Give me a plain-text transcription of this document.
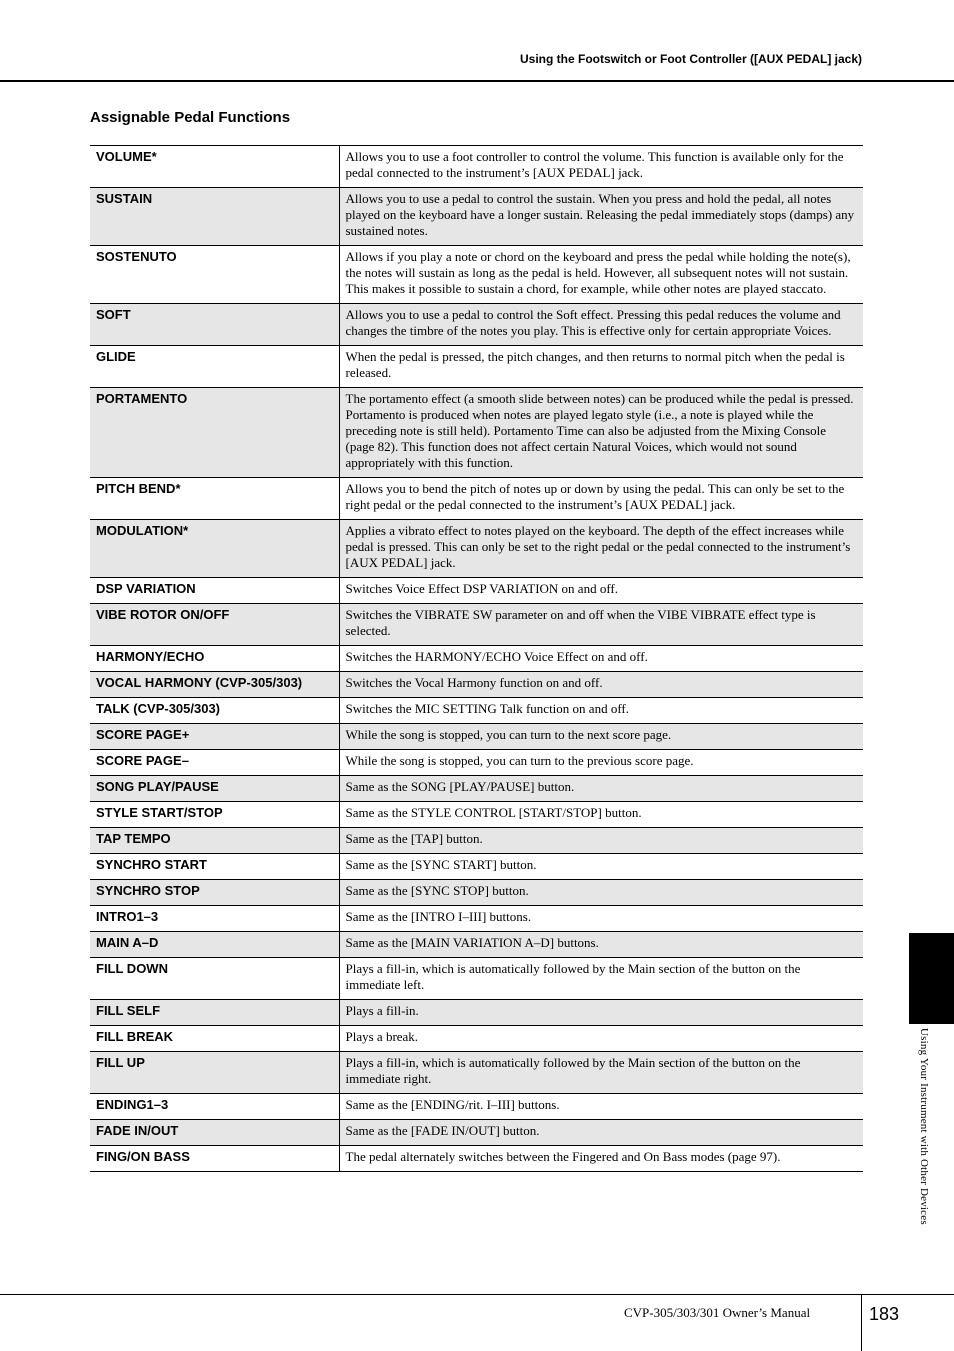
Using the Footswitch or Foot Controller ([AUX PEDAL] jack)
Assignable Pedal Functions
VOLUME*	Allows you to use a foot controller to control the volume. This function is available only for the pedal connected to the instrument’s [AUX PEDAL] jack.
SUSTAIN	Allows you to use a pedal to control the sustain. When you press and hold the pedal, all notes played on the keyboard have a longer sustain. Releasing the pedal immediately stops (damps) any sustained notes.
SOSTENUTO	Allows if you play a note or chord on the keyboard and press the pedal while holding the note(s), the notes will sustain as long as the pedal is held. However, all subsequent notes will not sustain. This makes it possible to sustain a chord, for example, while other notes are played staccato.
SOFT	Allows you to use a pedal to control the Soft effect. Pressing this pedal reduces the volume and changes the timbre of the notes you play. This is effective only for certain appropriate Voices.
GLIDE	When the pedal is pressed, the pitch changes, and then returns to normal pitch when the pedal is released.
PORTAMENTO	The portamento effect (a smooth slide between notes) can be produced while the pedal is pressed. Portamento is produced when notes are played legato style (i.e., a note is played while the preceding note is still held). Portamento Time can also be adjusted from the Mixing Console (page 82). This function does not affect certain Natural Voices, which would not sound appropriately with this function.
PITCH BEND*	Allows you to bend the pitch of notes up or down by using the pedal. This can only be set to the right pedal or the pedal connected to the instrument’s [AUX PEDAL] jack.
MODULATION*	Applies a vibrato effect to notes played on the keyboard. The depth of the effect increases while pedal is pressed. This can only be set to the right pedal or the pedal connected to the instrument’s [AUX PEDAL] jack.
DSP VARIATION	Switches Voice Effect DSP VARIATION on and off.
VIBE ROTOR ON/OFF	Switches the VIBRATE SW parameter on and off when the VIBE VIBRATE effect type is selected.
HARMONY/ECHO	Switches the HARMONY/ECHO Voice Effect on and off.
VOCAL HARMONY (CVP-305/303)	Switches the Vocal Harmony function on and off.
TALK (CVP-305/303)	Switches the MIC SETTING Talk function on and off.
SCORE PAGE+	While the song is stopped, you can turn to the next score page.
SCORE PAGE–	While the song is stopped, you can turn to the previous score page.
SONG PLAY/PAUSE	Same as the SONG [PLAY/PAUSE] button.
STYLE START/STOP	Same as the STYLE CONTROL [START/STOP] button.
TAP TEMPO	Same as the [TAP] button.
SYNCHRO START	Same as the [SYNC START] button.
SYNCHRO STOP	Same as the [SYNC STOP] button.
INTRO1–3	Same as the [INTRO I–III] buttons.
MAIN A–D	Same as the [MAIN VARIATION A–D] buttons.
FILL DOWN	Plays a fill-in, which is automatically followed by the Main section of the button on the immediate left.
FILL SELF	Plays a fill-in.
FILL BREAK	Plays a break.
FILL UP	Plays a fill-in, which is automatically followed by the Main section of the button on the immediate right.
ENDING1–3	Same as the [ENDING/rit. I–III] buttons.
FADE IN/OUT	Same as the [FADE IN/OUT] button.
FING/ON BASS	The pedal alternately switches between the Fingered and On Bass modes (page 97).	Using Your Instrument with Other Devices
CVP-305/303/301 Owner’s Manual	183
